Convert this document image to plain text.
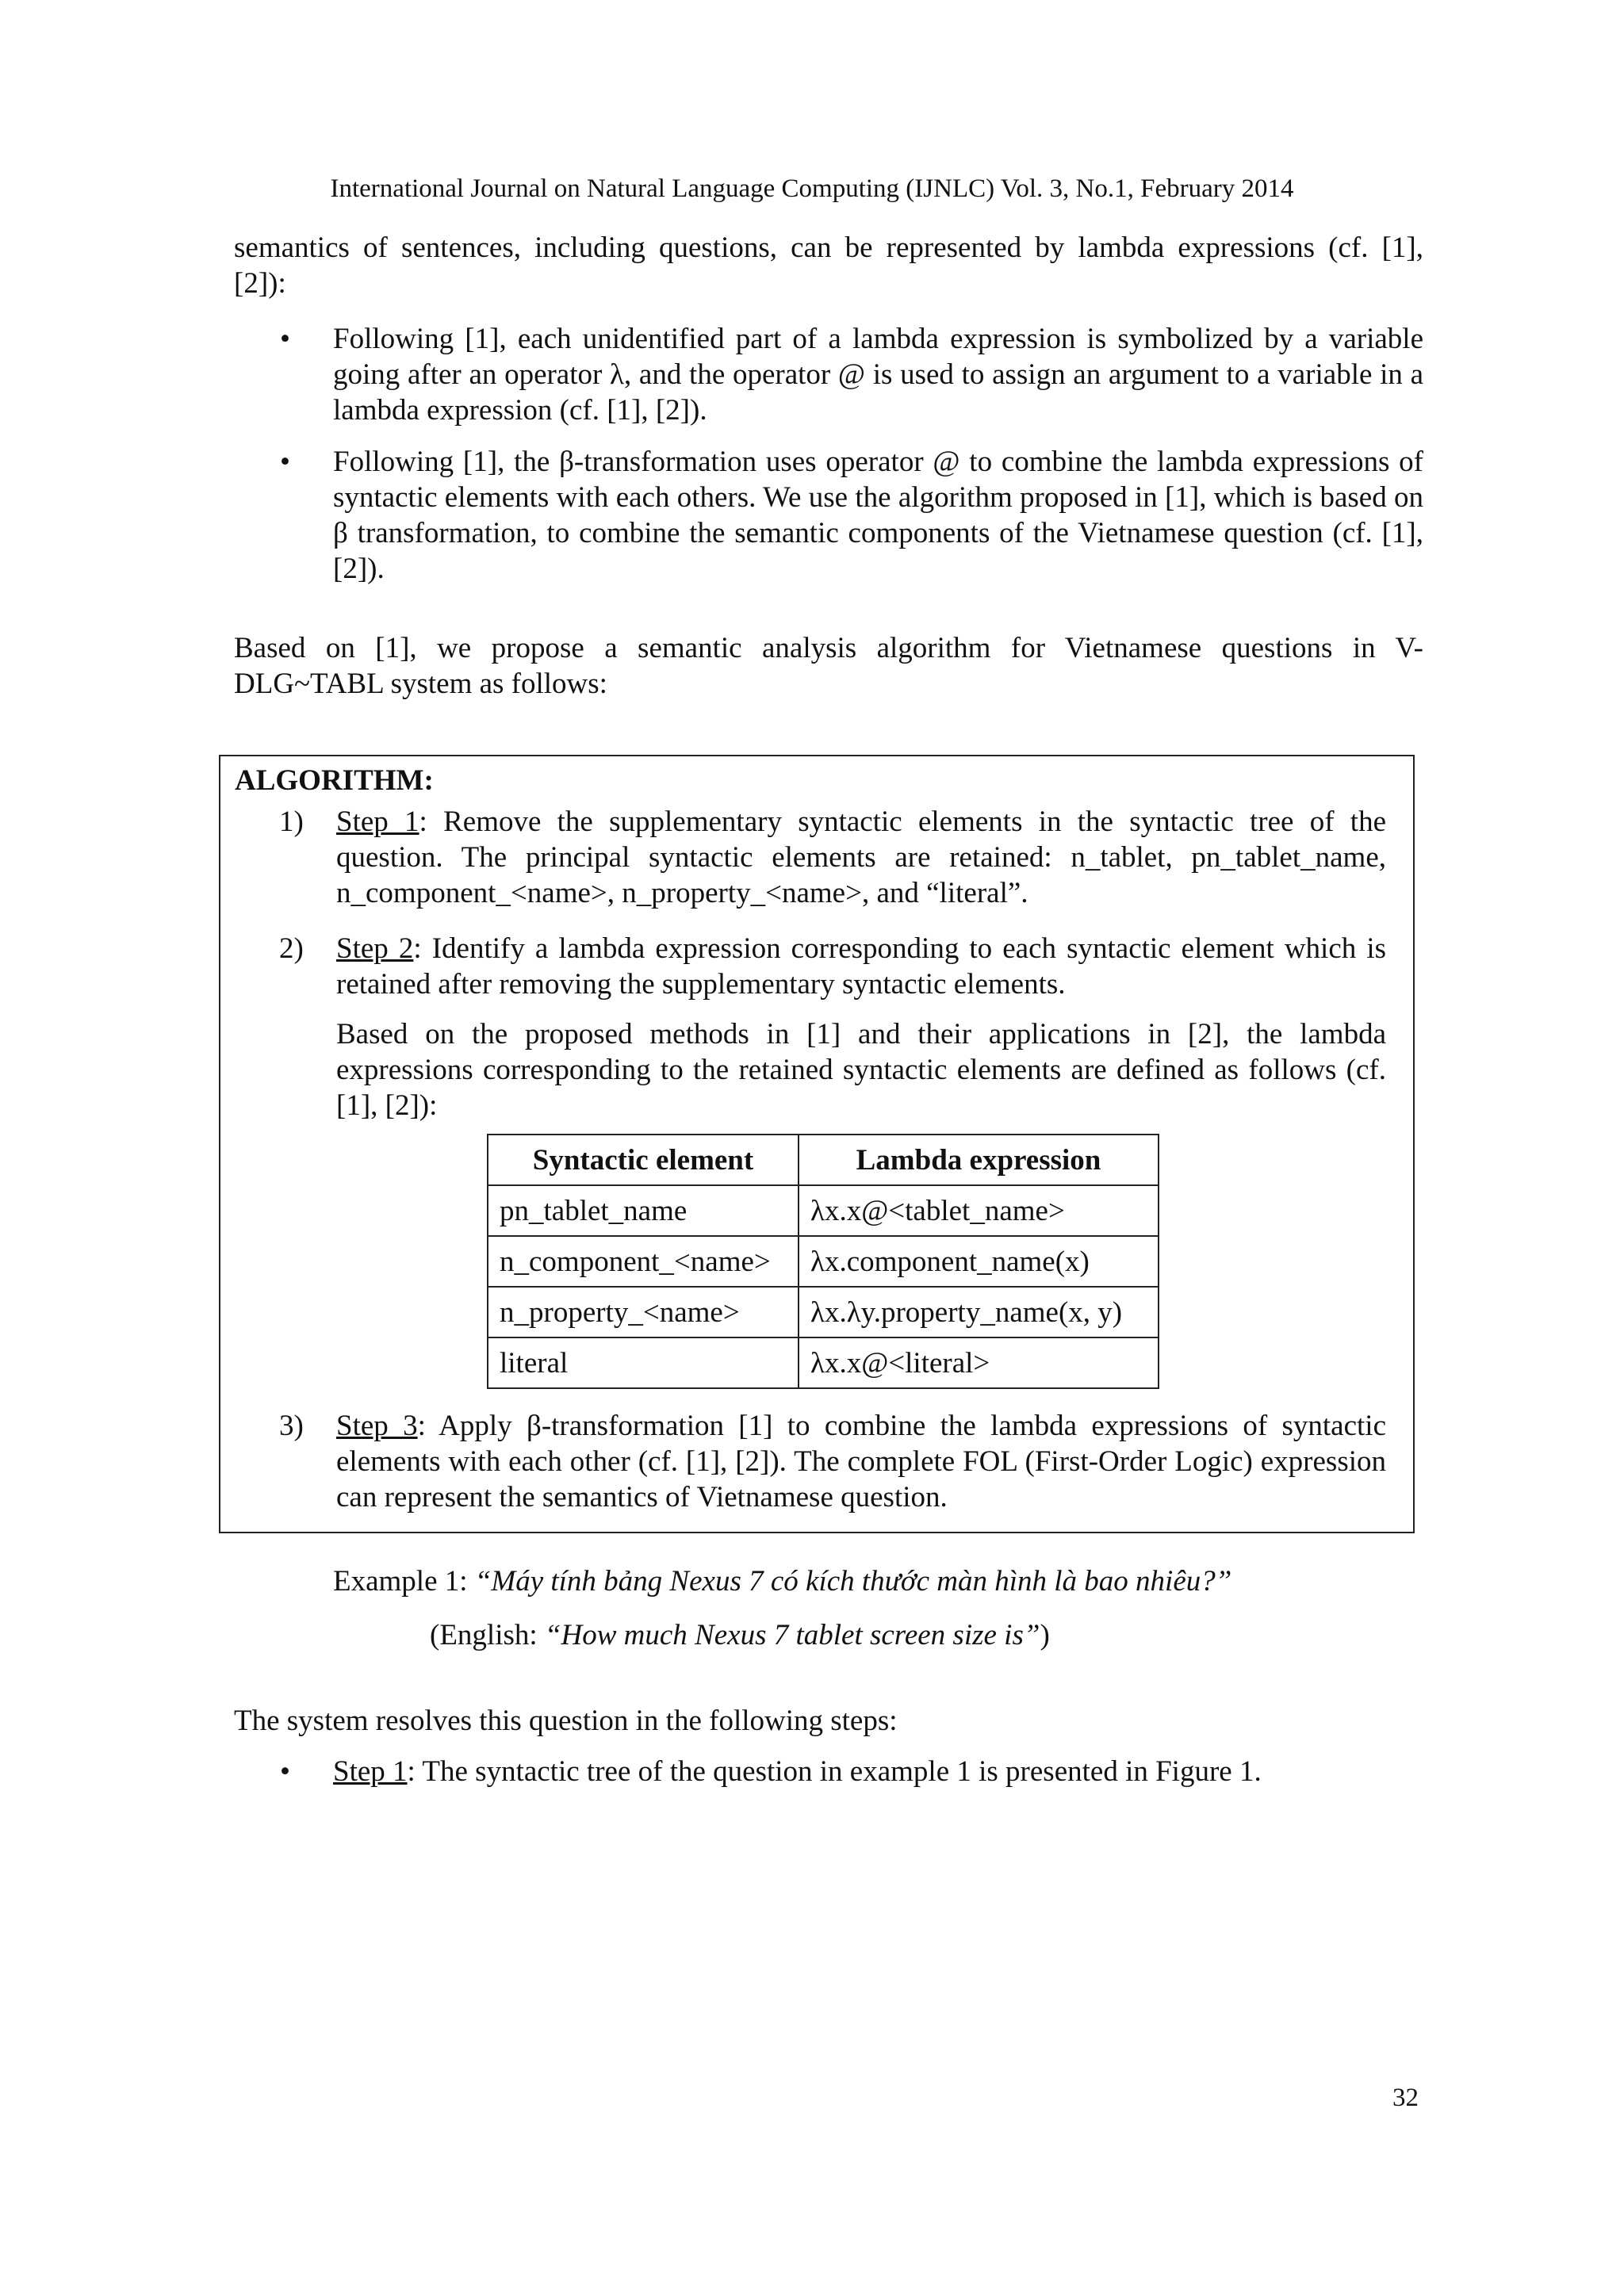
International Journal on Natural Language Computing (IJNLC) Vol. 3, No.1, February 2014
semantics of sentences, including questions, can be represented by lambda expressions (cf. [1],
[2]):
• Following [1], each unidentified part of a lambda expression is symbolized by a variable going after an operator λ, and the operator @ is used to assign an argument to a variable in a lambda expression (cf. [1], [2]).
• Following [1], the β-transformation uses operator @ to combine the lambda expressions of syntactic elements with each others. We use the algorithm proposed in [1], which is based on β transformation, to combine the semantic components of the Vietnamese question (cf. [1], [2]).
Based on [1], we propose a semantic analysis algorithm for Vietnamese questions in V-
DLG~TABL system as follows:
ALGORITHM:
1) Step 1: Remove the supplementary syntactic elements in the syntactic tree of the question. The principal syntactic elements are retained: n_tablet, pn_tablet_name, n_component_<name>, n_property_<name>, and “literal”.
2) Step 2: Identify a lambda expression corresponding to each syntactic element which is retained after removing the supplementary syntactic elements.
Based on the proposed methods in [1] and their applications in [2], the lambda expressions corresponding to the retained syntactic elements are defined as follows (cf. [1], [2]):
Syntactic element	Lambda expression
pn_tablet_name	λx.x@<tablet_name>
n_component_<name>	λx.component_name(x)
n_property_<name>	λx.λy.property_name(x, y)
literal	λx.x@<literal>
3) Step 3: Apply β-transformation [1] to combine the lambda expressions of syntactic elements with each other (cf. [1], [2]). The complete FOL (First-Order Logic) expression can represent the semantics of Vietnamese question.
Example 1: “Máy tính bảng Nexus 7 có kích thước màn hình là bao nhiêu?”
(English: “How much Nexus 7 tablet screen size is”)
The system resolves this question in the following steps:
• Step 1: The syntactic tree of the question in example 1 is presented in Figure 1.
32
